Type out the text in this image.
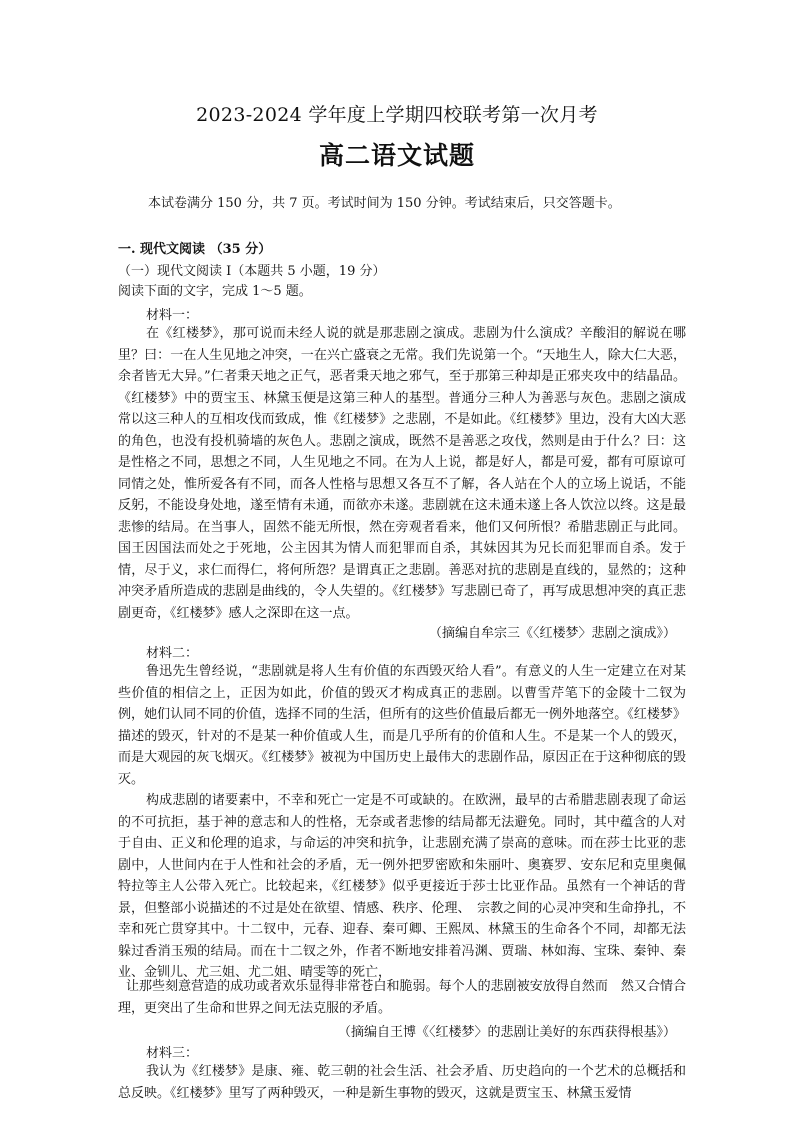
2023-2024 学年度上学期四校联考第一次月考
高二语文试题
本试卷满分 150 分，共 7 页。考试时间为 150 分钟。考试结束后，只交答题卡。
一. 现代文阅读 （35 分）
（一）现代文阅读 I（本题共 5 小题，19 分）
阅读下面的文字，完成 1～5 题。
材料一：
在《红楼梦》，那可说而未经人说的就是那悲剧之演成。悲剧为什么演成？辛酸泪的解说在哪里？曰：一在人生见地之冲突，一在兴亡盛衰之无常。我们先说第一个。“天地生人，除大仁大恶，余者皆无大异。”仁者秉天地之正气，恶者秉天地之邪气，至于那第三种却是正邪夹攻中的结晶品。《红楼梦》中的贾宝玉、林黛玉便是这第三种人的基型。普通分三种人为善恶与灰色。悲剧之演成常以这三种人的互相攻伐而致成，惟《红楼梦》之悲剧，不是如此。《红楼梦》里边，没有大凶大恶的角色，也没有投机骑墙的灰色人。悲剧之演成，既然不是善恶之攻伐，然则是由于什么？曰：这是性格之不同，思想之不同，人生见地之不同。在为人上说，都是好人，都是可爱，都有可原谅可同情之处，惟所爱各有不同，而各人性格与思想又各互不了解，各人站在个人的立场上说话，不能反躬，不能设身处地，遂至情有未通，而欲亦未遂。悲剧就在这未通未遂上各人饮泣以终。这是最悲惨的结局。在当事人，固然不能无所恨，然在旁观者看来，他们又何所恨？希腊悲剧正与此同。国王因国法而处之于死地，公主因其为情人而犯罪而自杀，其妹因其为兄长而犯罪而自杀。发于情，尽于义，求仁而得仁，将何所怨？是谓真正之悲剧。善恶对抗的悲剧是直线的，显然的；这种冲突矛盾所造成的悲剧是曲线的，令人失望的。《红楼梦》写悲剧已奇了，再写成思想冲突的真正悲剧更奇，《红楼梦》感人之深即在这一点。
（摘编自牟宗三《〈红楼梦〉悲剧之演成》）
材料二：
鲁迅先生曾经说，“悲剧就是将人生有价值的东西毁灭给人看”。有意义的人生一定建立在对某些价值的相信之上，正因为如此，价值的毁灭才构成真正的悲剧。以曹雪芹笔下的金陵十二钗为例，她们认同不同的价值，选择不同的生活，但所有的这些价值最后都无一例外地落空。《红楼梦》描述的毁灭，针对的不是某一种价值或人生，而是几乎所有的价值和人生。不是某一个人的毁灭，而是大观园的灰飞烟灭。《红楼梦》被视为中国历史上最伟大的悲剧作品，原因正在于这种彻底的毁灭。
构成悲剧的诸要素中，不幸和死亡一定是不可或缺的。在欧洲，最早的古希腊悲剧表现了命运的不可抗拒，基于神的意志和人的性格，无奈或者悲惨的结局都无法避免。同时，其中蕴含的人对于自由、正义和伦理的追求，与命运的冲突和抗争，让悲剧充满了崇高的意味。而在莎士比亚的悲剧中，人世间内在于人性和社会的矛盾，无一例外把罗密欧和朱丽叶、奥赛罗、安东尼和克里奥佩特拉等主人公带入死亡。比较起来，《红楼梦》似乎更接近于莎士比亚作品。虽然有一个神话的背景，但整部小说描述的不过是处在欲望、情感、秩序、伦理、　宗教之间的心灵冲突和生命挣扎，不幸和死亡贯穿其中。十二钗中，元春、迎春、秦可卿、王熙凤、林黛玉的生命各个不同，却都无法躲过香消玉殒的结局。而在十二钗之外，作者不断地安排着冯渊、贾瑞、林如海、宝珠、秦钟、秦业、金钏儿、尤三姐、尤二姐、晴雯等的死亡，
让那些刻意营造的成功或者欢乐显得非常苍白和脆弱。每个人的悲剧被安放得自然而　然又合情合理，更突出了生命和世界之间无法克服的矛盾。
（摘编自王博《〈红楼梦〉的悲剧让美好的东西获得根基》）
材料三：
我认为《红楼梦》是康、雍、乾三朝的社会生活、社会矛盾、历史趋向的一个艺术的总概括和总反映。《红楼梦》里写了两种毁灭，一种是新生事物的毁灭，这就是贾宝玉、林黛玉爱情
